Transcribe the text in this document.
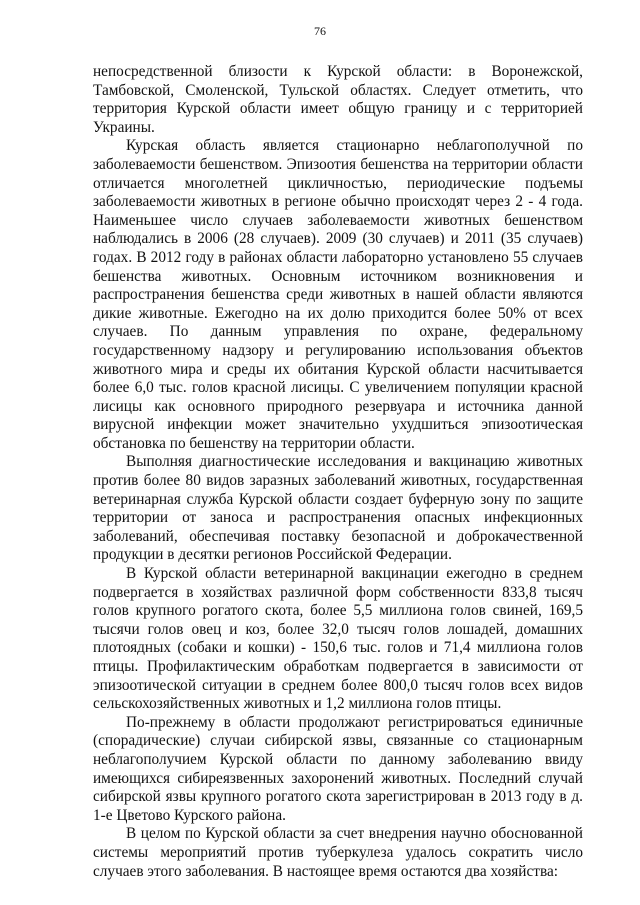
76

непосредственной близости к Курской области: в Воронежской, Тамбовской, Смоленской, Тульской областях. Следует отметить, что территория Курской области имеет общую границу и с территорией Украины.

Курская область является стационарно неблагополучной по заболеваемости бешенством. Эпизоотия бешенства на территории области отличается многолетней цикличностью, периодические подъемы заболеваемости животных в регионе обычно происходят через 2 - 4 года. Наименьшее число случаев заболеваемости животных бешенством наблюдались в 2006 (28 случаев). 2009 (30 случаев) и 2011 (35 случаев) годах. В 2012 году в районах области лабораторно установлено 55 случаев бешенства животных. Основным источником возникновения и распространения бешенства среди животных в нашей области являются дикие животные. Ежегодно на их долю приходится более 50% от всех случаев. По данным управления по охране, федеральному государственному надзору и регулированию использования объектов животного мира и среды их обитания Курской области насчитывается более 6,0 тыс. голов красной лисицы. С увеличением популяции красной лисицы как основного природного резервуара и источника данной вирусной инфекции может значительно ухудшиться эпизоотическая обстановка по бешенству на территории области.

Выполняя диагностические исследования и вакцинацию животных против более 80 видов заразных заболеваний животных, государственная ветеринарная служба Курской области создает буферную зону по защите территории от заноса и распространения опасных инфекционных заболеваний, обеспечивая поставку безопасной и доброкачественной продукции в десятки регионов Российской Федерации.

В Курской области ветеринарной вакцинации ежегодно в среднем подвергается в хозяйствах различной форм собственности 833,8 тысяч голов крупного рогатого скота, более 5,5 миллиона голов свиней, 169,5 тысячи голов овец и коз, более 32,0 тысяч голов лошадей, домашних плотоядных (собаки и кошки) - 150,6 тыс. голов и 71,4 миллиона голов птицы. Профилактическим обработкам подвергается в зависимости от эпизоотической ситуации в среднем более 800,0 тысяч голов всех видов сельскохозяйственных животных и 1,2 миллиона голов птицы.

По-прежнему в области продолжают регистрироваться единичные (спорадические) случаи сибирской язвы, связанные со стационарным неблагополучием Курской области по данному заболеванию ввиду имеющихся сибиреязвенных захоронений животных. Последний случай сибирской язвы крупного рогатого скота зарегистрирован в 2013 году в д. 1-е Цветово Курского района.

В целом по Курской области за счет внедрения научно обоснованной системы мероприятий против туберкулеза удалось сократить число случаев этого заболевания. В настоящее время остаются два хозяйства:
